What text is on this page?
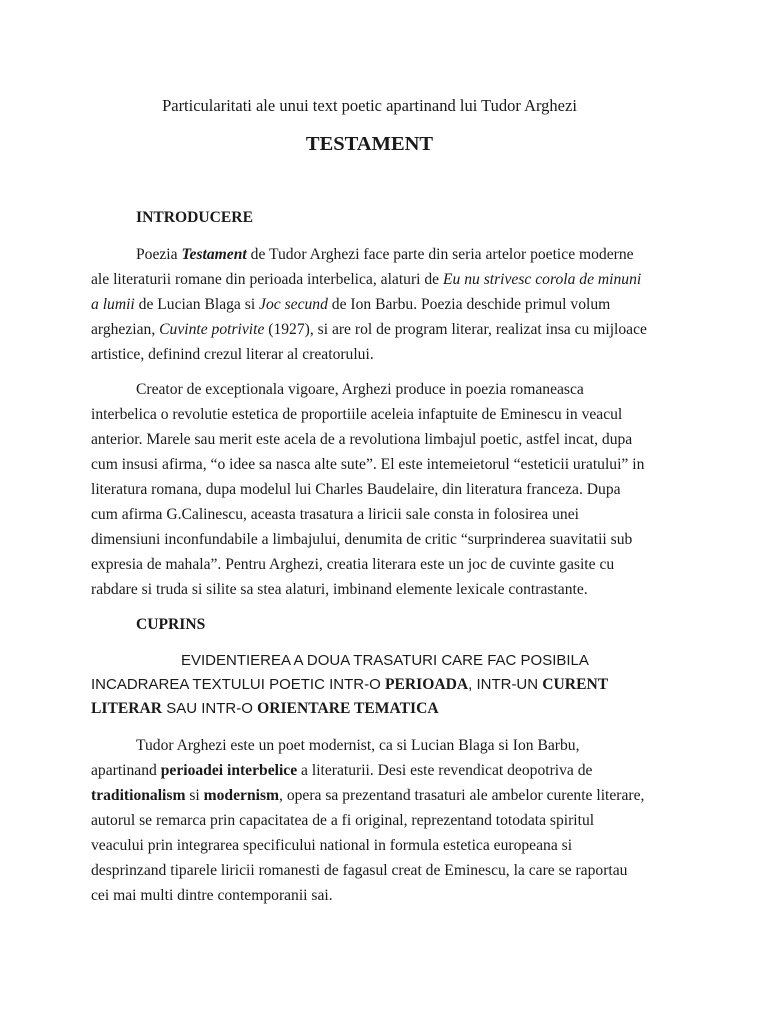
Particularitati ale unui text poetic apartinand lui Tudor Arghezi
TESTAMENT
INTRODUCERE

Poezia Testament de Tudor Arghezi face parte din seria artelor poetice moderne ale literaturii romane din perioada interbelica, alaturi de Eu nu strivesc corola de minuni a lumii de Lucian Blaga si Joc secund de Ion Barbu. Poezia deschide primul volum arghezian, Cuvinte potrivite (1927), si are rol de program literar, realizat insa cu mijloace artistice, definind crezul literar al creatorului.

Creator de exceptionala vigoare, Arghezi produce in poezia romaneasca interbelica o revolutie estetica de proportiile aceleia infaptuite de Eminescu in veacul anterior. Marele sau merit este acela de a revolutiona limbajul poetic, astfel incat, dupa cum insusi afirma, “o idee sa nasca alte sute”. El este intemeietorul “esteticii uratului” in literatura romana, dupa modelul lui Charles Baudelaire, din literatura franceza. Dupa cum afirma G.Calinescu, aceasta trasatura a liricii sale consta in folosirea unei dimensiuni inconfundabile a limbajului, denumita de critic “surprinderea suavitatii sub expresia de mahala”. Pentru Arghezi, creatia literara este un joc de cuvinte gasite cu rabdare si truda si silite sa stea alaturi, imbinand elemente lexicale contrastante.

CUPRINS
EVIDENTIEREA A DOUA TRASATURI CARE FAC POSIBILA INCADRAREA TEXTULUI POETIC INTR-O PERIOADA, INTR-UN CURENT LITERAR SAU INTR-O ORIENTARE TEMATICA

Tudor Arghezi este un poet modernist, ca si Lucian Blaga si Ion Barbu, apartinand perioadei interbelice a literaturii. Desi este revendicat deopotriva de traditionalism si modernism, opera sa prezentand trasaturi ale ambelor curente literare, autorul se remarca prin capacitatea de a fi original, reprezentand totodata spiritul veacului prin integrarea specificului national in formula estetica europeana si desprinzand tiparele liricii romanesti de fagasul creat de Eminescu, la care se raportau cei mai multi dintre contemporanii sai.
